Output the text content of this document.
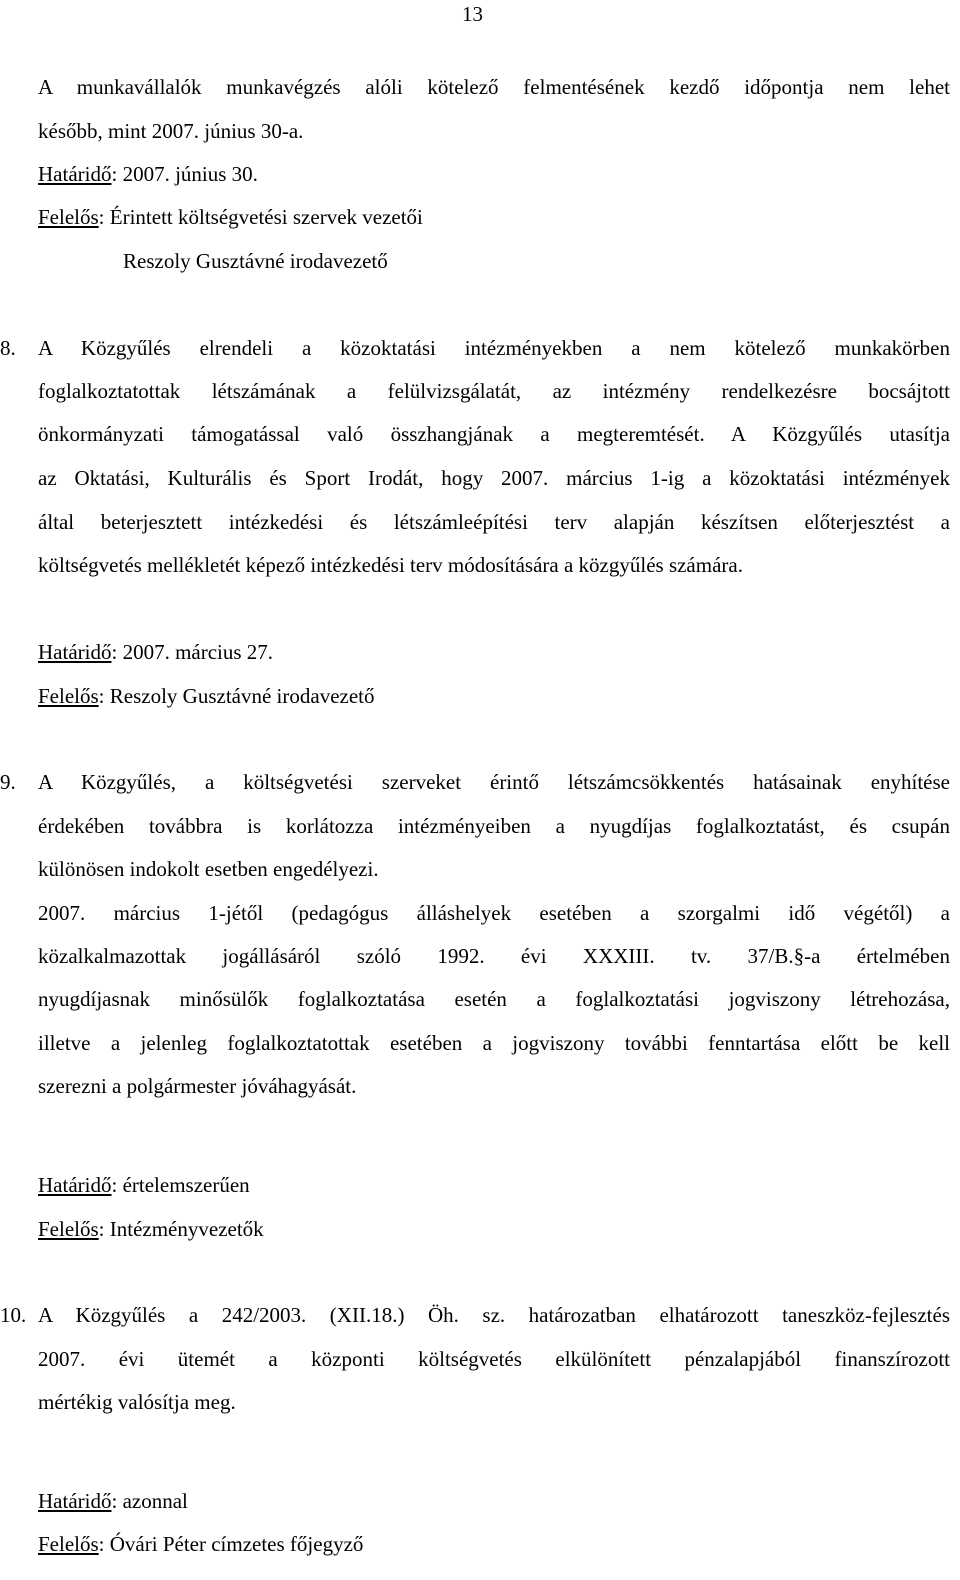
13
A munkavállalók munkavégzés alóli kötelező felmentésének kezdő időpontja nem lehet
később, mint 2007. június 30-a.
Határidő: 2007. június 30.
Felelős: Érintett költségvetési szervek vezetői
Reszoly Gusztávné irodavezető
8. A Közgyűlés elrendeli a közoktatási intézményekben a nem kötelező munkakörben
foglalkoztatottak létszámának a felülvizsgálatát, az intézmény rendelkezésre bocsájtott
önkormányzati támogatással való összhangjának a megteremtését. A Közgyűlés utasítja
az Oktatási, Kulturális és Sport Irodát, hogy 2007. március 1-ig a közoktatási intézmények
által beterjesztett intézkedési és létszámleépítési terv alapján készítsen előterjesztést a
költségvetés mellékletét képező intézkedési terv módosítására a közgyűlés számára.
Határidő: 2007. március 27.
Felelős: Reszoly Gusztávné irodavezető
9. A Közgyűlés, a költségvetési szerveket érintő létszámcsökkentés hatásainak enyhítése
érdekében továbbra is korlátozza intézményeiben a nyugdíjas foglalkoztatást, és csupán
különösen indokolt esetben engedélyezi.
2007. március 1-jétől (pedagógus álláshelyek esetében a szorgalmi idő végétől) a
közalkalmazottak jogállásáról szóló 1992. évi XXXIII. tv. 37/B.§-a értelmében
nyugdíjasnak minősülők foglalkoztatása esetén a foglalkoztatási jogviszony létrehozása,
illetve a jelenleg foglalkoztatottak esetében a jogviszony további fenntartása előtt be kell
szerezni a polgármester jóváhagyását.
Határidő: értelemszerűen
Felelős: Intézményvezetők
10. A Közgyűlés a 242/2003. (XII.18.) Öh. sz. határozatban elhatározott taneszköz-fejlesztés
2007. évi ütemét a központi költségvetés elkülönített pénzalapjából finanszírozott
mértékig valósítja meg.
Határidő: azonnal
Felelős: Óvári Péter címzetes főjegyző
